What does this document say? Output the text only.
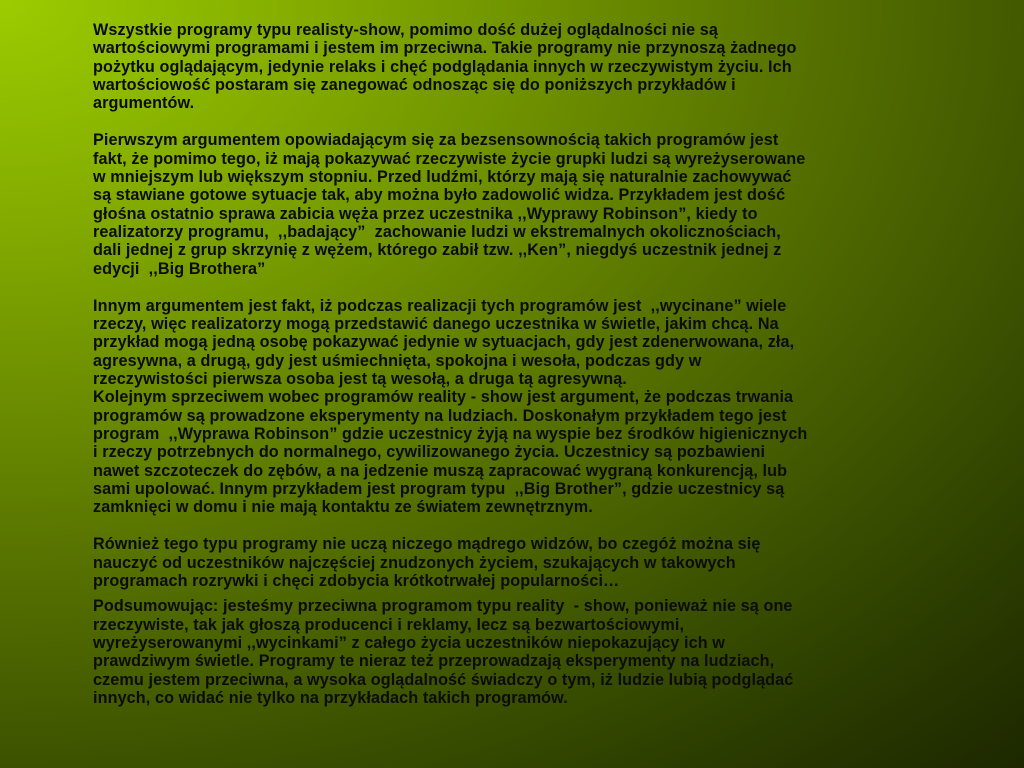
Wszystkie programy typu realisty-show, pomimo dość dużej oglądalności nie są
wartościowymi programami i jestem im przeciwna. Takie programy nie przynoszą żadnego
pożytku oglądającym, jedynie relaks i chęć podglądania innych w rzeczywistym życiu. Ich
wartościowość postaram się zanegować odnosząc się do poniższych przykładów i
argumentów.

Pierwszym argumentem opowiadającym się za bezsensownością takich programów jest
fakt, że pomimo tego, iż mają pokazywać rzeczywiste życie grupki ludzi są wyreżyserowane
w mniejszym lub większym stopniu. Przed ludźmi, którzy mają się naturalnie zachowywać
są stawiane gotowe sytuacje tak, aby można było zadowolić widza. Przykładem jest dość
głośna ostatnio sprawa zabicia węża przez uczestnika ,,Wyprawy Robinson”, kiedy to
realizatorzy programu,  ,,badający”  zachowanie ludzi w ekstremalnych okolicznościach,
dali jednej z grup skrzynię z wężem, którego zabił tzw. ,,Ken”, niegdyś uczestnik jednej z
edycji  ,,Big Brothera”

Innym argumentem jest fakt, iż podczas realizacji tych programów jest  ,,wycinane” wiele
rzeczy, więc realizatorzy mogą przedstawić danego uczestnika w świetle, jakim chcą. Na
przykład mogą jedną osobę pokazywać jedynie w sytuacjach, gdy jest zdenerwowana, zła,
agresywna, a drugą, gdy jest uśmiechnięta, spokojna i wesoła, podczas gdy w
rzeczywistości pierwsza osoba jest tą wesołą, a druga tą agresywną.
Kolejnym sprzeciwem wobec programów reality - show jest argument, że podczas trwania
programów są prowadzone eksperymenty na ludziach. Doskonałym przykładem tego jest
program  ,,Wyprawa Robinson” gdzie uczestnicy żyją na wyspie bez środków higienicznych
i rzeczy potrzebnych do normalnego, cywilizowanego życia. Uczestnicy są pozbawieni
nawet szczoteczek do zębów, a na jedzenie muszą zapracować wygraną konkurencją, lub
sami upolować. Innym przykładem jest program typu  ,,Big Brother”, gdzie uczestnicy są
zamknięci w domu i nie mają kontaktu ze światem zewnętrznym.

Również tego typu programy nie uczą niczego mądrego widzów, bo czegóż można się
nauczyć od uczestników najczęściej znudzonych życiem, szukających w takowych
programach rozrywki i chęci zdobycia krótkotrwałej popularności…

Podsumowując: jesteśmy przeciwna programom typu reality  - show, ponieważ nie są one
rzeczywiste, tak jak głoszą producenci i reklamy, lecz są bezwartościowymi,
wyreżyserowanymi ,,wycinkami” z całego życia uczestników niepokazujący ich w
prawdziwym świetle. Programy te nieraz też przeprowadzają eksperymenty na ludziach,
czemu jestem przeciwna, a wysoka oglądalność świadczy o tym, iż ludzie lubią podglądać
innych, co widać nie tylko na przykładach takich programów.
